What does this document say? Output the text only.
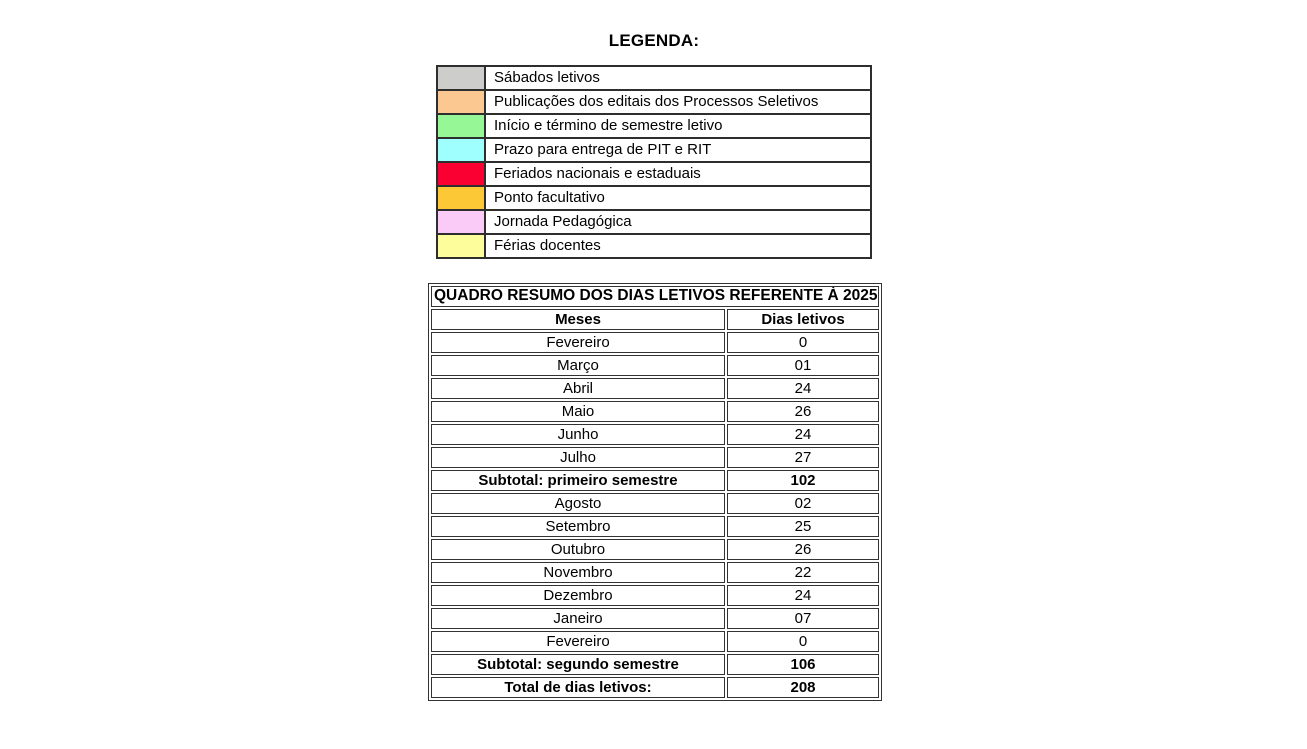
LEGENDA:
	Sábados letivos
	Publicações dos editais dos Processos Seletivos
	Início e término de semestre letivo
	Prazo para entrega de PIT e RIT
	Feriados nacionais e estaduais
	Ponto facultativo
	Jornada Pedagógica
	Férias docentes
QUADRO RESUMO DOS DIAS LETIVOS REFERENTE À 2025	
Meses	Dias letivos
Fevereiro	0
Março	01
Abril	24
Maio	26
Junho	24
Julho	27
Subtotal: primeiro semestre	102
Agosto	02
Setembro	25
Outubro	26
Novembro	22
Dezembro	24
Janeiro	07
Fevereiro	0
Subtotal: segundo semestre	106
Total de dias letivos:	208
